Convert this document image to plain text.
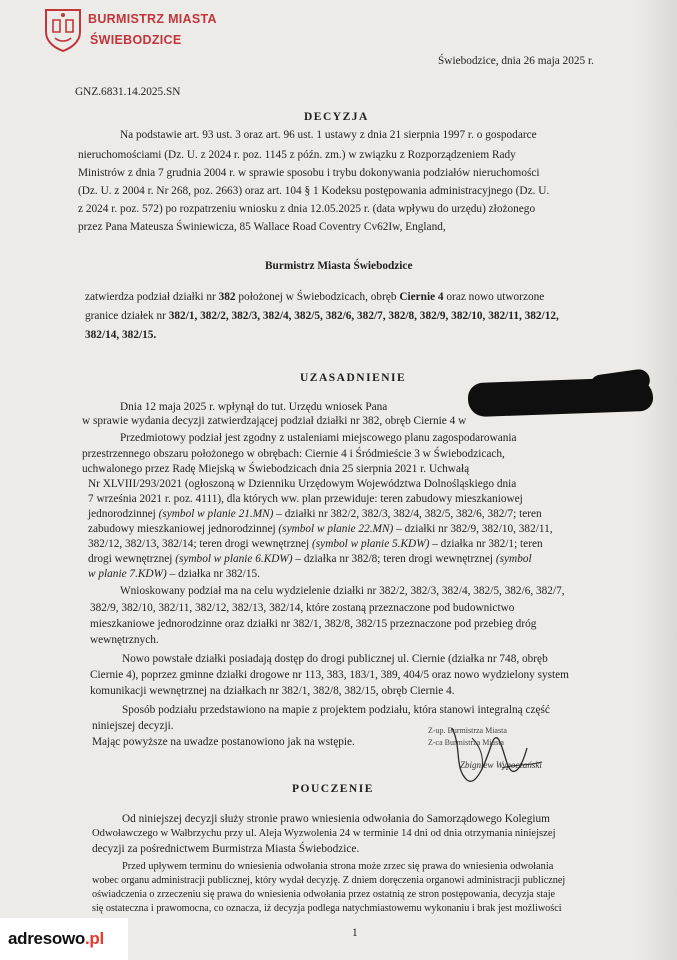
BURMISTRZ MIASTA
ŚWIEBODZICE
Świebodzice, dnia 26 maja 2025 r.
GNZ.6831.14.2025.SN
DECYZJA
Na podstawie art. 93 ust. 3 oraz art. 96 ust. 1 ustawy z dnia 21 sierpnia 1997 r. o gospodarce
nieruchomościami (Dz. U. z 2024 r. poz. 1145 z późn. zm.) w związku z Rozporządzeniem Rady
Ministrów z dnia 7 grudnia 2004 r. w sprawie sposobu i trybu dokonywania podziałów nieruchomości
(Dz. U. z 2004 r. Nr 268, poz. 2663) oraz art. 104 § 1 Kodeksu postępowania administracyjnego (Dz. U.
z 2024 r. poz. 572) po rozpatrzeniu wniosku z dnia 12.05.2025 r. (data wpływu do urzędu) złożonego
przez Pana Mateusza Świniewicza, 85 Wallace Road Coventry Cv62Iw, England,
Burmistrz Miasta Świebodzice
zatwierdza podział działki nr 382 położonej w Świebodzicach, obręb Ciernie 4 oraz nowo utworzone
granice działek nr 382/1, 382/2, 382/3, 382/4, 382/5, 382/6, 382/7, 382/8, 382/9, 382/10, 382/11, 382/12,
382/14, 382/15.
UZASADNIENIE
Dnia 12 maja 2025 r. wpłynął do tut. Urzędu wniosek Pana
w sprawie wydania decyzji zatwierdzającej podział działki nr 382, obręb Ciernie 4 w
Przedmiotowy podział jest zgodny z ustaleniami miejscowego planu zagospodarowania
przestrzennego obszaru położonego w obrębach: Ciernie 4 i Śródmieście 3 w Świebodzicach,
uchwalonego przez Radę Miejską w Świebodzicach dnia 25 sierpnia 2021 r. Uchwałą
Nr XLVIII/293/2021 (ogłoszoną w Dzienniku Urzędowym Województwa Dolnośląskiego dnia
7 września 2021 r. poz. 4111), dla których ww. plan przewiduje: teren zabudowy mieszkaniowej
jednorodzinnej (symbol w planie 21.MN) – działki nr 382/2, 382/3, 382/4, 382/5, 382/6, 382/7; teren
zabudowy mieszkaniowej jednorodzinnej (symbol w planie 22.MN) – działki nr 382/9, 382/10, 382/11,
382/12, 382/13, 382/14; teren drogi wewnętrznej (symbol w planie 5.KDW) – działka nr 382/1; teren
drogi wewnętrznej (symbol w planie 6.KDW) – działka nr 382/8; teren drogi wewnętrznej (symbol
w planie 7.KDW) – działka nr 382/15.
Wnioskowany podział ma na celu wydzielenie działki nr 382/2, 382/3, 382/4, 382/5, 382/6, 382/7,
382/9, 382/10, 382/11, 382/12, 382/13, 382/14, które zostaną przeznaczone pod budownictwo
mieszkaniowe jednorodzinne oraz działki nr 382/1, 382/8, 382/15 przeznaczone pod przebieg dróg
wewnętrznych.
Nowo powstałe działki posiadają dostęp do drogi publicznej ul. Ciernie (działka nr 748, obręb
Ciernie 4), poprzez gminne działki drogowe nr 113, 383, 183/1, 389, 404/5 oraz nowo wydzielony system
komunikacji wewnętrznej na działkach nr 382/1, 382/8, 382/15, obręb Ciernie 4.
Sposób podziału przedstawiono na mapie z projektem podziału, która stanowi integralną część
niniejszej decyzji.
Mając powyższe na uwadze postanowiono jak na wstępie.
Z-up. Burmistrza Miasta
Z-ca Burmistrza Miasta
Zbigniew Wypoczański
POUCZENIE
Od niniejszej decyzji służy stronie prawo wniesienia odwołania do Samorządowego Kolegium
Odwoławczego w Wałbrzychu przy ul. Aleja Wyzwolenia 24 w terminie 14 dni od dnia otrzymania niniejszej
decyzji za pośrednictwem Burmistrza Miasta Świebodzice.
Przed upływem terminu do wniesienia odwołania strona może zrzec się prawa do wniesienia odwołania
wobec organu administracji publicznej, który wydał decyzję. Z dniem doręczenia organowi administracji publicznej
oświadczenia o zrzeczeniu się prawa do wniesienia odwołania przez ostatnią ze stron postępowania, decyzja staje
się ostateczna i prawomocna, co oznacza, iż decyzja podlega natychmiastowemu wykonaniu i brak jest możliwości
1
adresowo.pl
